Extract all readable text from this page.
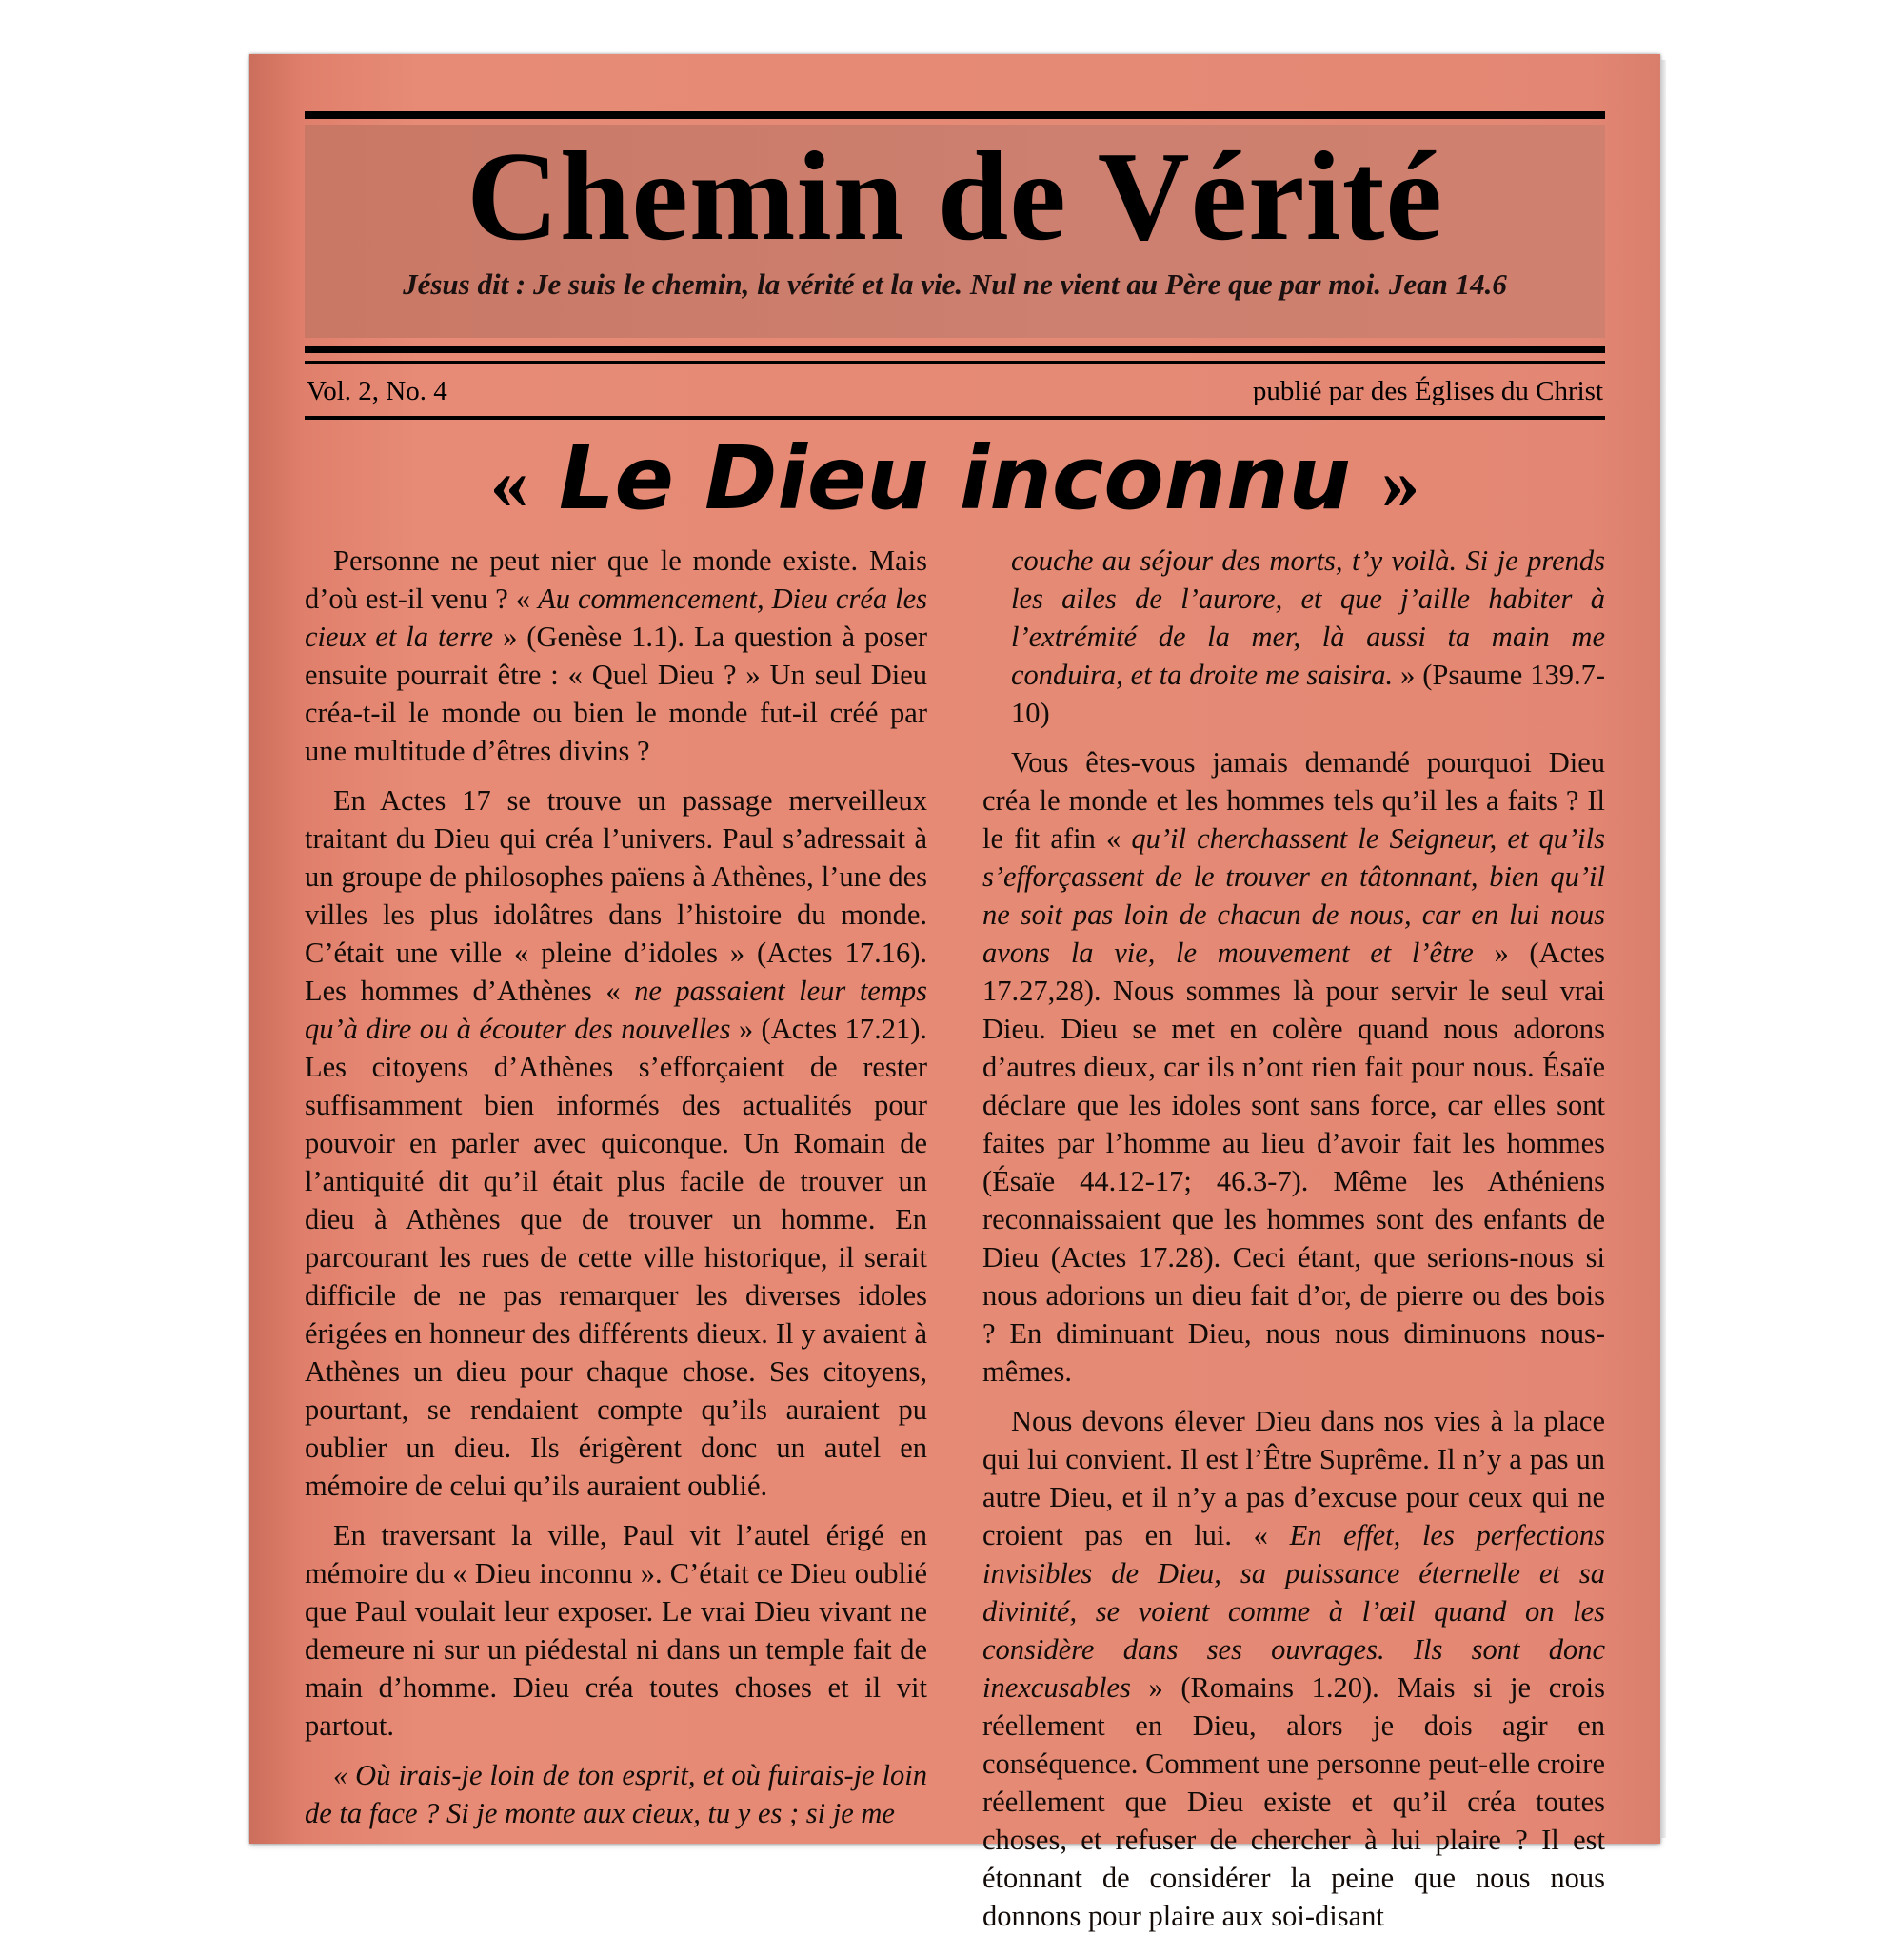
Chemin de Vérité
Jésus dit : Je suis le chemin, la vérité et la vie. Nul ne vient au Père que par moi. Jean 14.6
Vol. 2, No. 4	publié par des Églises du Christ
« Le Dieu inconnu »

Personne ne peut nier que le monde existe. Mais d’où est-il venu ? « Au commencement, Dieu créa les cieux et la terre » (Genèse 1.1). La question à poser ensuite pourrait être : « Quel Dieu ? » Un seul Dieu créa-t-il le monde ou bien le monde fut-il créé par une multitude d’êtres divins ?

En Actes 17 se trouve un passage merveilleux traitant du Dieu qui créa l’univers. Paul s’adressait à un groupe de philosophes païens à Athènes, l’une des villes les plus idolâtres dans l’histoire du monde. C’était une ville « pleine d’idoles » (Actes 17.16). Les hommes d’Athènes « ne passaient leur temps qu’à dire ou à écouter des nouvelles » (Actes 17.21). Les citoyens d’Athènes s’efforçaient de rester suffisamment bien informés des actualités pour pouvoir en parler avec quiconque. Un Romain de l’antiquité dit qu’il était plus facile de trouver un dieu à Athènes que de trouver un homme. En parcourant les rues de cette ville historique, il serait difficile de ne pas remarquer les diverses idoles érigées en honneur des différents dieux. Il y avaient à Athènes un dieu pour chaque chose. Ses citoyens, pourtant, se rendaient compte qu’ils auraient pu oublier un dieu. Ils érigèrent donc un autel en mémoire de celui qu’ils auraient oublié.

En traversant la ville, Paul vit l’autel érigé en mémoire du « Dieu inconnu ». C’était ce Dieu oublié que Paul voulait leur exposer. Le vrai Dieu vivant ne demeure ni sur un piédestal ni dans un temple fait de main d’homme. Dieu créa toutes choses et il vit partout.

« Où irais-je loin de ton esprit, et où fuirais-je loin de ta face ? Si je monte aux cieux, tu y es ; si je me

couche au séjour des morts, t’y voilà. Si je prends les ailes de l’aurore, et que j’aille habiter à l’extrémité de la mer, là aussi ta main me conduira, et ta droite me saisira. » (Psaume 139.7-10)

Vous êtes-vous jamais demandé pourquoi Dieu créa le monde et les hommes tels qu’il les a faits ? Il le fit afin « qu’il cherchassent le Seigneur, et qu’ils s’efforçassent de le trouver en tâtonnant, bien qu’il ne soit pas loin de chacun de nous, car en lui nous avons la vie, le mouvement et l’être » (Actes 17.27,28). Nous sommes là pour servir le seul vrai Dieu. Dieu se met en colère quand nous adorons d’autres dieux, car ils n’ont rien fait pour nous. Ésaïe déclare que les idoles sont sans force, car elles sont faites par l’homme au lieu d’avoir fait les hommes (Ésaïe 44.12-17; 46.3-7). Même les Athéniens reconnaissaient que les hommes sont des enfants de Dieu (Actes 17.28). Ceci étant, que serions-nous si nous adorions un dieu fait d’or, de pierre ou des bois ? En diminuant Dieu, nous nous diminuons nous-mêmes.

Nous devons élever Dieu dans nos vies à la place qui lui convient. Il est l’Être Suprême. Il n’y a pas un autre Dieu, et il n’y a pas d’excuse pour ceux qui ne croient pas en lui. « En effet, les perfections invisibles de Dieu, sa puissance éternelle et sa divinité, se voient comme à l’œil quand on les considère dans ses ouvrages. Ils sont donc inexcusables » (Romains 1.20). Mais si je crois réellement en Dieu, alors je dois agir en conséquence. Comment une personne peut-elle croire réellement que Dieu existe et qu’il créa toutes choses, et refuser de chercher à lui plaire ? Il est étonnant de considérer la peine que nous nous donnons pour plaire aux soi-disant
